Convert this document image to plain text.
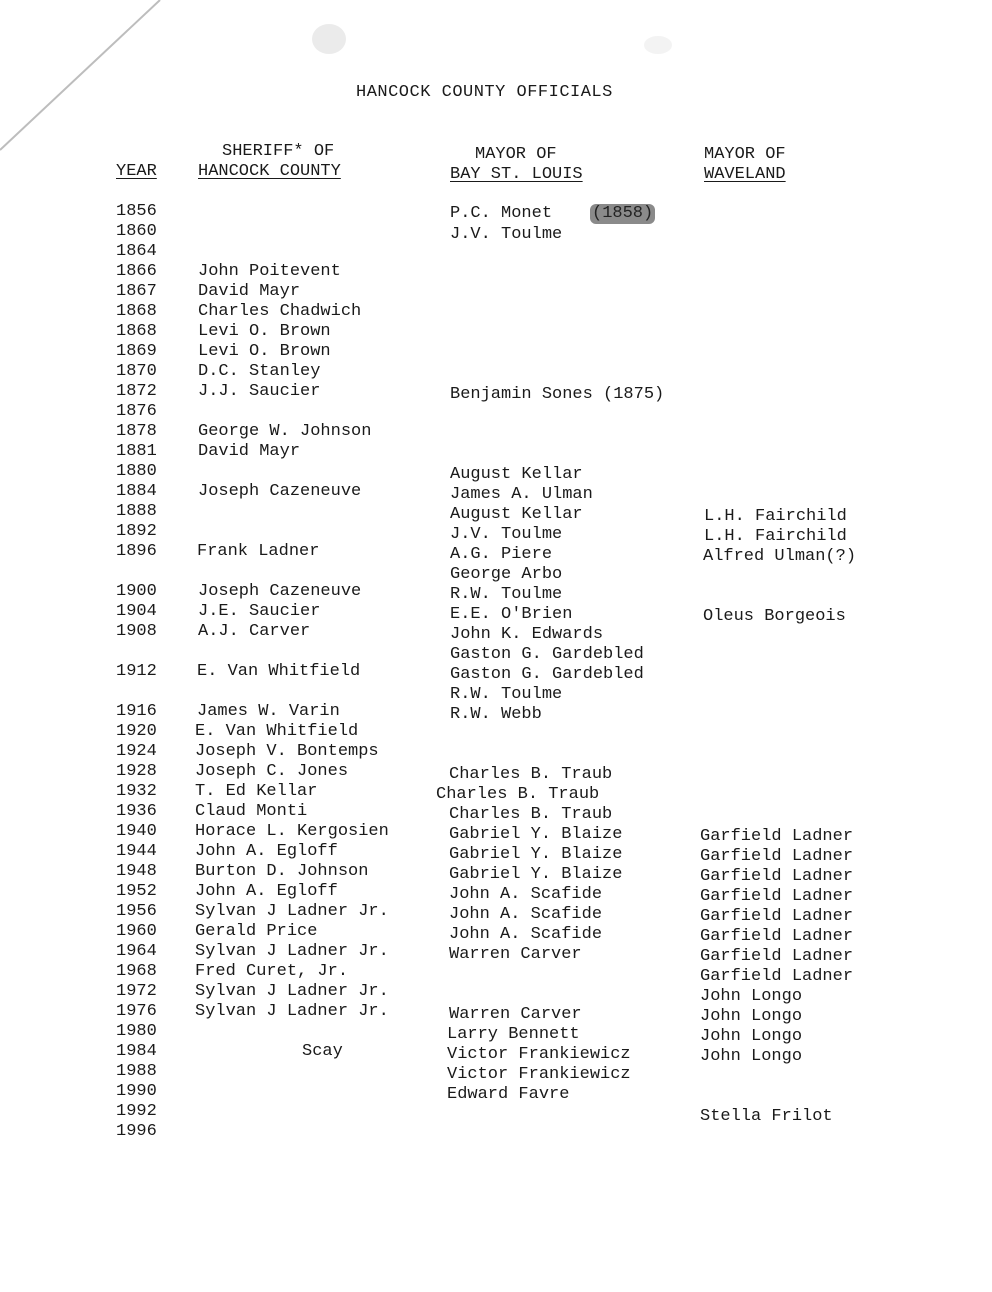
HANCOCK COUNTY OFFICIALS
YEAR
SHERIFF* OF
HANCOCK COUNTY
MAYOR OF
BAY ST. LOUIS
MAYOR OF
WAVELAND
1856
1860
1864
1866
1867
1868
1868
1869
1870
1872
1876
1878
1881
1880
1884
1888
1892
1896
1900
1904
1908
1912
1916
1920
1924
1928
1932
1936
1940
1944
1948
1952
1956
1960
1964
1968
1972
1976
1980
1984
1988
1990
1992
1996
John Poitevent
David Mayr
Charles Chadwich
Levi O. Brown
Levi O. Brown
D.C. Stanley
J.J. Saucier
George W. Johnson
David Mayr
Joseph Cazeneuve
Frank Ladner
Joseph Cazeneuve
J.E. Saucier
A.J. Carver
E. Van Whitfield
James W. Varin
E. Van Whitfield
Joseph V. Bontemps
Joseph C. Jones
T. Ed Kellar
Claud Monti
Horace L. Kergosien
John A. Egloff
Burton D. Johnson
John A. Egloff
Sylvan J Ladner Jr.
Gerald Price
Sylvan J Ladner Jr.
Fred Curet, Jr.
Sylvan J Ladner Jr.
Sylvan J Ladner Jr.
Scay
P.C. Monet (1858)
J.V. Toulme
Benjamin Sones (1875)
August Kellar
James A. Ulman
August Kellar
J.V. Toulme
A.G. Piere
George Arbo
R.W. Toulme
E.E. O'Brien
John K. Edwards
Gaston G. Gardebled
Gaston G. Gardebled
R.W. Toulme
R.W. Webb
Charles B. Traub
Charles B. Traub
Charles B. Traub
Gabriel Y. Blaize
Gabriel Y. Blaize
Gabriel Y. Blaize
John A. Scafide
John A. Scafide
John A. Scafide
Warren Carver
Warren Carver
Larry Bennett
Victor Frankiewicz
Victor Frankiewicz
Edward Favre
L.H. Fairchild
L.H. Fairchild
Alfred Ulman(?)
Oleus Borgeois
Garfield Ladner
Garfield Ladner
Garfield Ladner
Garfield Ladner
Garfield Ladner
Garfield Ladner
Garfield Ladner
Garfield Ladner
John Longo
John Longo
John Longo
John Longo
Stella Frilot
